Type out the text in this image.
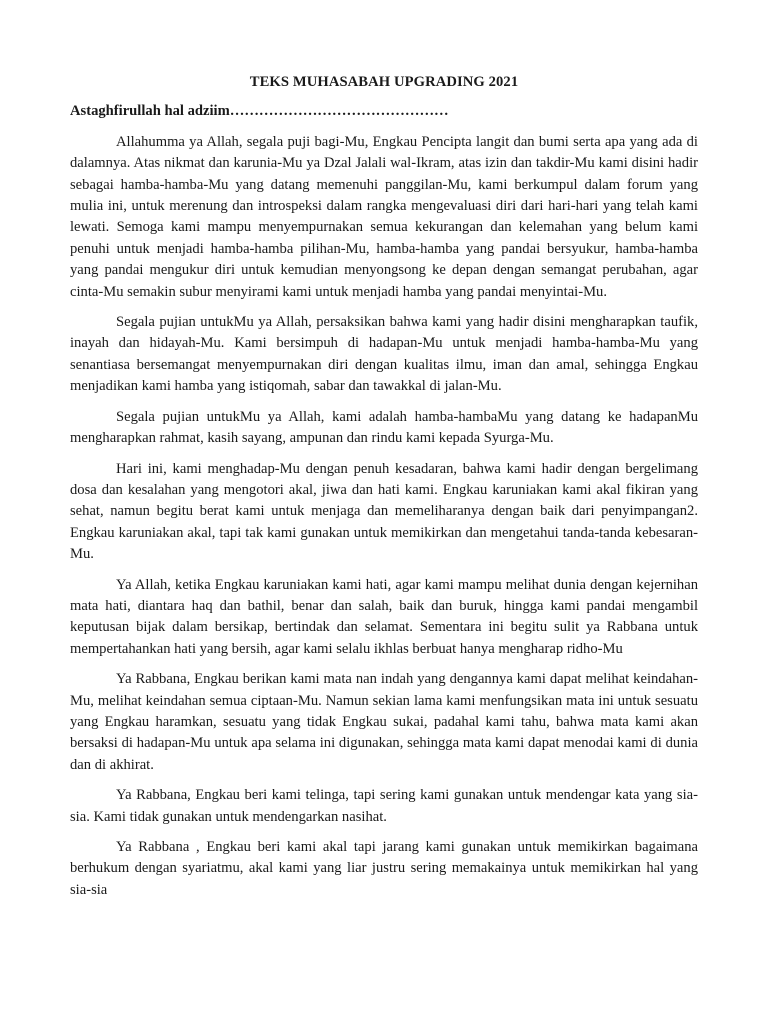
TEKS MUHASABAH UPGRADING 2021
Astaghfirullah hal adziim………………………………………

Allahumma ya Allah, segala puji bagi-Mu, Engkau Pencipta langit dan bumi serta apa yang ada di dalamnya. Atas nikmat dan karunia-Mu ya Dzal Jalali wal-Ikram, atas izin dan takdir-Mu kami disini hadir sebagai hamba-hamba-Mu yang datang memenuhi panggilan-Mu, kami berkumpul dalam forum yang mulia ini, untuk merenung dan introspeksi dalam rangka mengevaluasi diri dari hari-hari yang telah kami lewati. Semoga kami mampu menyempurnakan semua kekurangan dan kelemahan yang belum kami penuhi untuk menjadi hamba-hamba pilihan-Mu, hamba-hamba yang pandai bersyukur, hamba-hamba yang pandai mengukur diri untuk kemudian menyongsong ke depan dengan semangat perubahan, agar cinta-Mu semakin subur menyirami kami untuk menjadi hamba yang pandai menyintai-Mu.

Segala pujian untukMu ya Allah, persaksikan bahwa kami yang hadir disini mengharapkan taufik, inayah dan hidayah-Mu. Kami bersimpuh di hadapan-Mu untuk menjadi hamba-hamba-Mu yang senantiasa bersemangat menyempurnakan diri dengan kualitas ilmu, iman dan amal, sehingga Engkau menjadikan kami hamba yang istiqomah, sabar dan tawakkal di jalan-Mu.

Segala pujian untukMu ya Allah, kami adalah hamba-hambaMu yang datang ke hadapanMu mengharapkan rahmat, kasih sayang, ampunan dan rindu kami kepada Syurga-Mu.

Hari ini, kami menghadap-Mu dengan penuh kesadaran, bahwa kami hadir dengan bergelimang dosa dan kesalahan yang mengotori akal, jiwa dan hati kami. Engkau karuniakan kami akal fikiran yang sehat, namun begitu berat kami untuk menjaga dan memeliharanya dengan baik dari penyimpangan2. Engkau karuniakan akal, tapi tak kami gunakan untuk memikirkan dan mengetahui tanda-tanda kebesaran-Mu.

Ya Allah, ketika Engkau karuniakan kami hati, agar kami mampu melihat dunia dengan kejernihan mata hati, diantara haq dan bathil, benar dan salah, baik dan buruk, hingga kami pandai mengambil keputusan bijak dalam bersikap, bertindak dan selamat. Sementara ini begitu sulit ya Rabbana untuk mempertahankan hati yang bersih, agar kami selalu ikhlas berbuat hanya mengharap ridho-Mu

Ya Rabbana, Engkau berikan kami mata nan indah yang dengannya kami dapat melihat keindahan-Mu, melihat keindahan semua ciptaan-Mu. Namun sekian lama kami menfungsikan mata ini untuk sesuatu yang Engkau haramkan, sesuatu yang tidak Engkau sukai, padahal kami tahu, bahwa mata kami akan bersaksi di hadapan-Mu untuk apa selama ini digunakan, sehingga mata kami dapat menodai kami di dunia dan di akhirat.

Ya Rabbana, Engkau beri kami telinga, tapi sering kami gunakan untuk mendengar kata yang sia-sia. Kami tidak gunakan untuk mendengarkan nasihat.

Ya Rabbana , Engkau beri kami akal tapi jarang kami gunakan untuk memikirkan bagaimana berhukum dengan syariatmu, akal kami yang liar justru sering memakainya untuk memikirkan hal yang sia-sia
